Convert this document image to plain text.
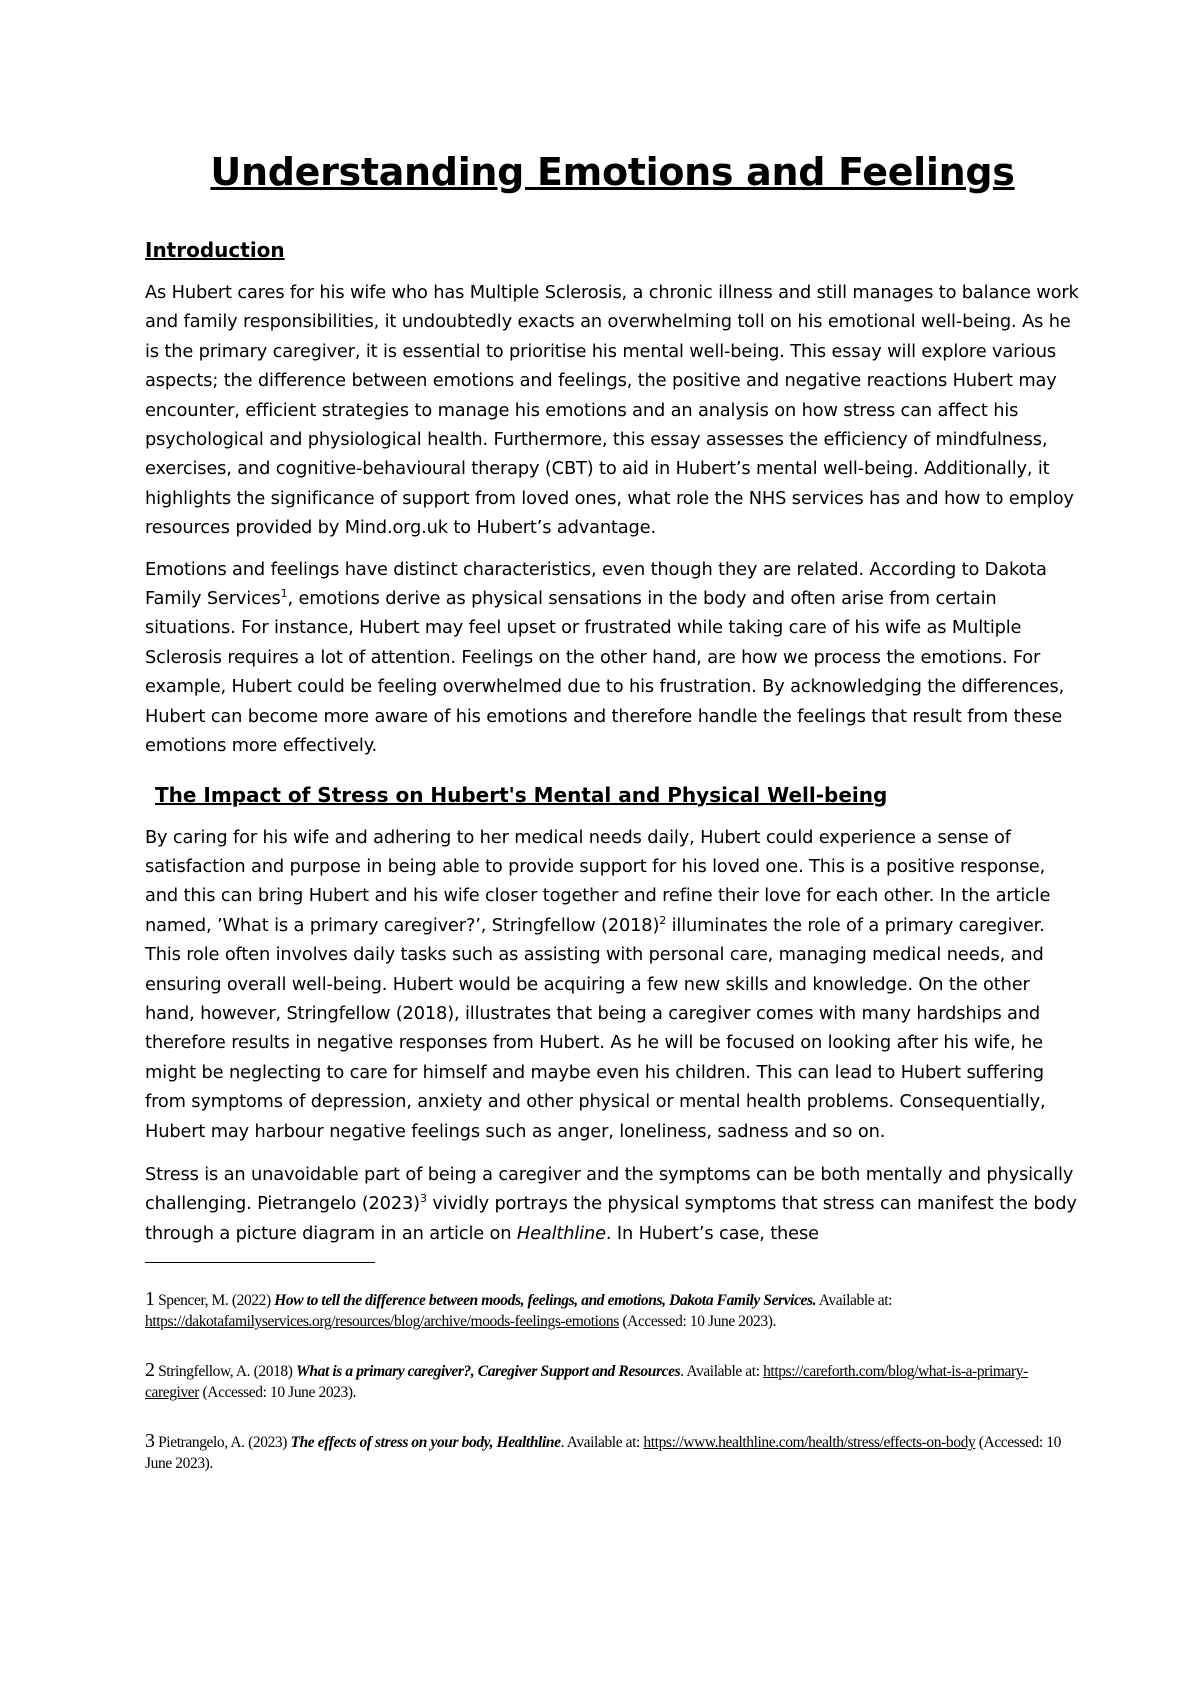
Understanding Emotions and Feelings
Introduction

As Hubert cares for his wife who has Multiple Sclerosis, a chronic illness and still manages to balance work and family responsibilities, it undoubtedly exacts an overwhelming toll on his emotional well-being. As he is the primary caregiver, it is essential to prioritise his mental well-being. This essay will explore various aspects; the difference between emotions and feelings, the positive and negative reactions Hubert may encounter, efficient strategies to manage his emotions and an analysis on how stress can affect his psychological and physiological health. Furthermore, this essay assesses the efficiency of mindfulness, exercises, and cognitive-behavioural therapy (CBT) to aid in Hubert’s mental well-being. Additionally, it highlights the significance of support from loved ones, what role the NHS services has and how to employ resources provided by Mind.org.uk to Hubert’s advantage.

Emotions and feelings have distinct characteristics, even though they are related. According to Dakota Family Services$^1$, emotions derive as physical sensations in the body and often arise from certain situations. For instance, Hubert may feel upset or frustrated while taking care of his wife as Multiple Sclerosis requires a lot of attention. Feelings on the other hand, are how we process the emotions. For example, Hubert could be feeling overwhelmed due to his frustration. By acknowledging the differences, Hubert can become more aware of his emotions and therefore handle the feelings that result from these emotions more effectively.

The Impact of Stress on Hubert's Mental and Physical Well-being

By caring for his wife and adhering to her medical needs daily, Hubert could experience a sense of satisfaction and purpose in being able to provide support for his loved one. This is a positive response, and this can bring Hubert and his wife closer together and refine their love for each other. In the article named, ’What is a primary caregiver?’, Stringfellow $(2018)^2$ illuminates the role of a primary caregiver. This role often involves daily tasks such as assisting with personal care, managing medical needs, and ensuring overall well-being. Hubert would be acquiring a few new skills and knowledge. On the other hand, however, Stringfellow (2018), illustrates that being a caregiver comes with many hardships and therefore results in negative responses from Hubert. As he will be focused on looking after his wife, he might be neglecting to care for himself and maybe even his children. This can lead to Hubert suffering from symptoms of depression, anxiety and other physical or mental health problems. Consequentially, Hubert may harbour negative feelings such as anger, loneliness, sadness and so on.

Stress is an unavoidable part of being a caregiver and the symptoms can be both mentally and physically challenging. Pietrangelo $(2023)^3$ vividly portrays the physical symptoms that stress can manifest the body through a picture diagram in an article on Healthline. In Hubert’s case, these

1 Spencer, M. (2022) How to tell the difference between moods, feelings, and emotions, Dakota Family Services. Available at: https://dakotafamilyservices.org/resources/blog/archive/moods-feelings-emotions (Accessed: 10 June 2023).

2 Stringfellow, A. (2018) What is a primary caregiver?, Caregiver Support and Resources. Available at: https://careforth.com/blog/what-is-a-primary-caregiver (Accessed: 10 June 2023).

3 Pietrangelo, A. (2023) The effects of stress on your body, Healthline. Available at: https://www.healthline.com/health/stress/effects-on-body (Accessed: 10 June 2023).
